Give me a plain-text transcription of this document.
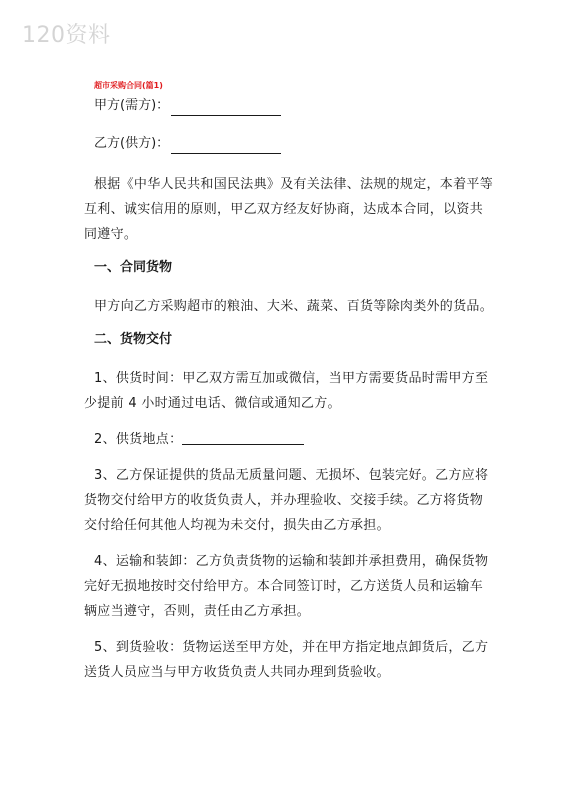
120资料
超市采购合同(篇1)
甲方(需方)：
乙方(供方)：

根据《中华人民共和国民法典》及有关法律、法规的规定，本着平等互利、诚实信用的原则，甲乙双方经友好协商，达成本合同，以资共同遵守。

一、合同货物

甲方向乙方采购超市的粮油、大米、蔬菜、百货等除肉类外的货品。

二、货物交付

1、供货时间：甲乙双方需互加或微信，当甲方需要货品时需甲方至少提前 4 小时通过电话、微信或通知乙方。

2、供货地点：

3、乙方保证提供的货品无质量问题、无损坏、包装完好。乙方应将货物交付给甲方的收货负责人，并办理验收、交接手续。乙方将货物交付给任何其他人均视为未交付，损失由乙方承担。

4、运输和装卸：乙方负责货物的运输和装卸并承担费用，确保货物完好无损地按时交付给甲方。本合同签订时，乙方送货人员和运输车辆应当遵守，否则，责任由乙方承担。

5、到货验收：货物运送至甲方处，并在甲方指定地点卸货后，乙方送货人员应当与甲方收货负责人共同办理到货验收。
